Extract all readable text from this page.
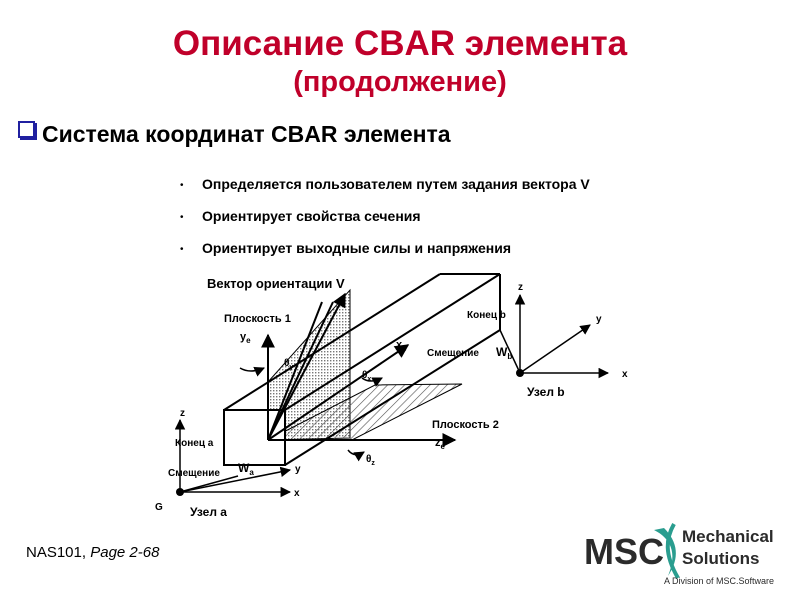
Описание CBAR элемента
(продолжение)
Система координат CBAR элемента
• Определяется пользователем путем задания вектора V
• Ориентирует свойства сечения
• Ориентирует выходные силы и напряжения
Вектор ориентации V
Плоскость 1
Плоскость 2
Конец b
Смещение $W_b$
Узел b
Конец a
Смещение $W_a$
Узел a
G
$y_e$	$x_e$
$z_e$
$\theta_y$
$\theta_x$
$\theta_z$
z
y
x
z
y
x
NAS101, Page 2-68	MSC Mechanical
Solutions
A Division of MSC.Software
